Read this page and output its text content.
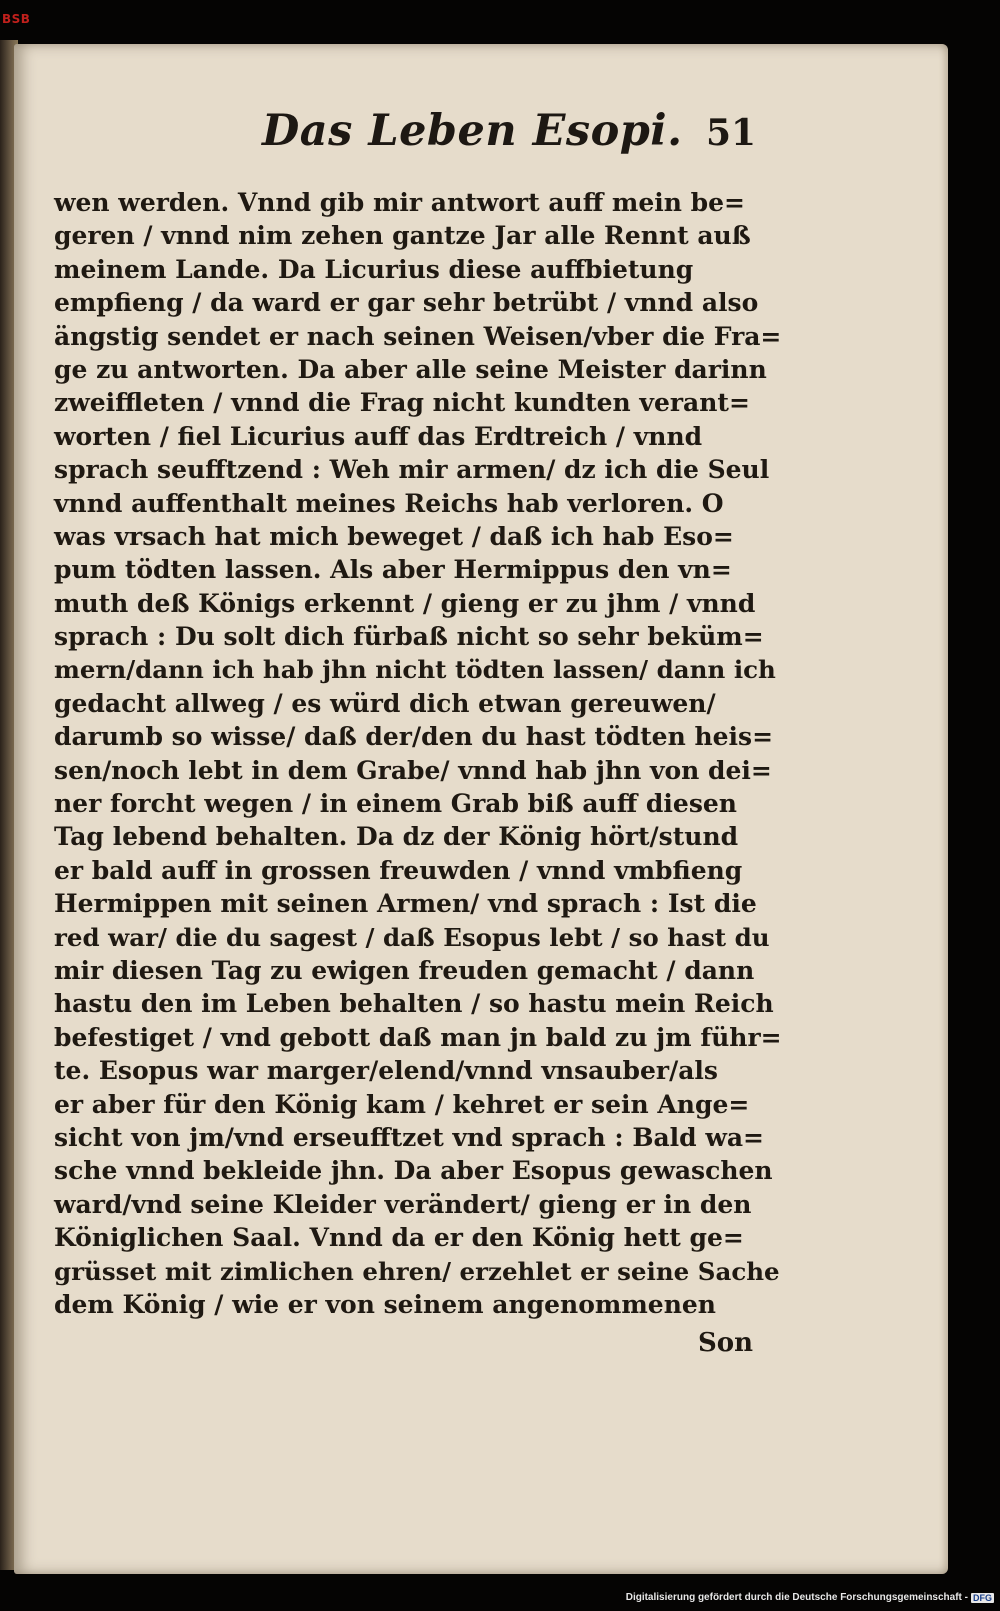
BSB
Das Leben Esopi. 51
wen werden. Vnnd gib mir antwort auff mein be=
geren / vnnd nim zehen gantze Jar alle Rennt auß
meinem Lande. Da Licurius diese auffbietung
empfieng / da ward er gar sehr betrübt / vnnd also
ängstig sendet er nach seinen Weisen/vber die Fra=
ge zu antworten. Da aber alle seine Meister darinn
zweiffleten / vnnd die Frag nicht kundten verant=
worten / fiel Licurius auff das Erdtreich / vnnd
sprach seufftzend : Weh mir armen/ dz ich die Seul
vnnd auffenthalt meines Reichs hab verloren. O
was vrsach hat mich beweget / daß ich hab Eso=
pum tödten lassen. Als aber Hermippus den vn=
muth deß Königs erkennt / gieng er zu jhm / vnnd
sprach : Du solt dich fürbaß nicht so sehr beküm=
mern/dann ich hab jhn nicht tödten lassen/ dann ich
gedacht allweg / es würd dich etwan gereuwen/
darumb so wisse/ daß der/den du hast tödten heis=
sen/noch lebt in dem Grabe/ vnnd hab jhn von dei=
ner forcht wegen / in einem Grab biß auff diesen
Tag lebend behalten. Da dz der König hört/stund
er bald auff in grossen freuwden / vnnd vmbfieng
Hermippen mit seinen Armen/ vnd sprach : Ist die
red war/ die du sagest / daß Esopus lebt / so hast du
mir diesen Tag zu ewigen freuden gemacht / dann
hastu den im Leben behalten / so hastu mein Reich
befestiget / vnd gebott daß man jn bald zu jm führ=
te. Esopus war marger/elend/vnnd vnsauber/als
er aber für den König kam / kehret er sein Ange=
sicht von jm/vnd erseufftzet vnd sprach : Bald wa=
sche vnnd bekleide jhn. Da aber Esopus gewaschen
ward/vnd seine Kleider verändert/ gieng er in den
Königlichen Saal. Vnnd da er den König hett ge=
grüsset mit zimlichen ehren/ erzehlet er seine Sache
dem König / wie er von seinem angenommenen
Son
Digitalisierung gefördert durch die Deutsche Forschungsgemeinschaft - DFG
